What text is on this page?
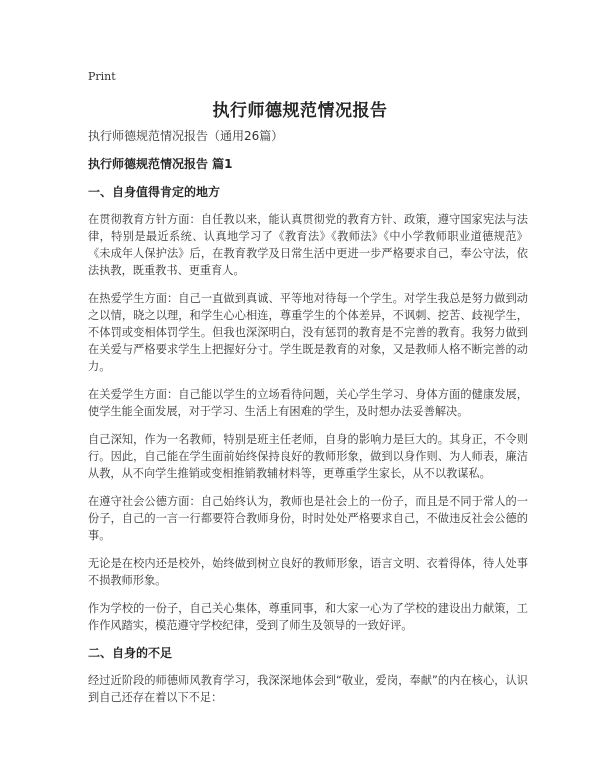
Print
执行师德规范情况报告
执行师德规范情况报告（通用26篇）
执行师德规范情况报告 篇1
一、自身值得肯定的地方

在贯彻教育方针方面：自任教以来，能认真贯彻党的教育方针、政策，遵守国家宪法与法律，特别是最近系统、认真地学习了《教育法》《教师法》《中小学教师职业道德规范》《未成年人保护法》后，在教育教学及日常生活中更进一步严格要求自己，奉公守法，依法执教，既重教书、更重育人。

在热爱学生方面：自己一直做到真诚、平等地对待每一个学生。对学生我总是努力做到动之以情，晓之以理，和学生心心相连，尊重学生的个体差异，不讽刺、挖苦、歧视学生，不体罚或变相体罚学生。但我也深深明白，没有惩罚的教育是不完善的教育。我努力做到在关爱与严格要求学生上把握好分寸。学生既是教育的对象，又是教师人格不断完善的动力。

在关爱学生方面：自己能以学生的立场看待问题，关心学生学习、身体方面的健康发展，使学生能全面发展，对于学习、生活上有困难的学生，及时想办法妥善解决。

自己深知，作为一名教师，特别是班主任老师，自身的影响力是巨大的。其身正，不令则行。因此，自己能在学生面前始终保持良好的教师形象，做到以身作则、为人师表，廉洁从教，从不向学生推销或变相推销教辅材料等，更尊重学生家长，从不以教谋私。

在遵守社会公德方面：自己始终认为，教师也是社会上的一份子，而且是不同于常人的一份子，自己的一言一行都要符合教师身份，时时处处严格要求自己，不做违反社会公德的事。

无论是在校内还是校外，始终做到树立良好的教师形象，语言文明、衣着得体，待人处事不损教师形象。

作为学校的一份子，自己关心集体，尊重同事，和大家一心为了学校的建设出力献策，工作作风踏实，模范遵守学校纪律，受到了师生及领导的一致好评。

二、自身的不足

经过近阶段的师德师风教育学习，我深深地体会到“敬业，爱岗，奉献”的内在核心，认识到自己还存在着以下不足：
